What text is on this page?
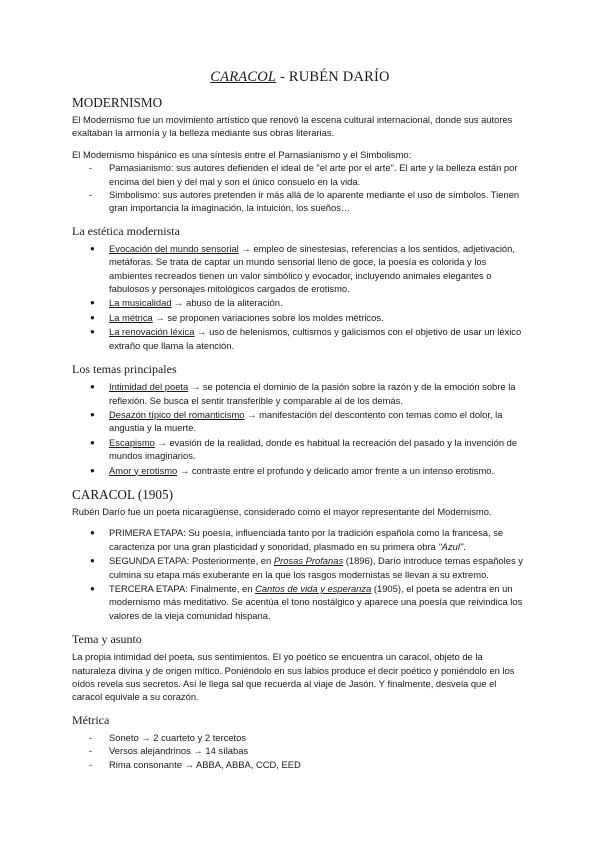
CARACOL - RUBÉN DARÍO
MODERNISMO

El Modernismo fue un movimiento artístico que renovó la escena cultural internacional, donde sus autores exaltaban la armonía y la belleza mediante sus obras literarias.

El Modernismo hispánico es una síntesis entre el Parnasianismo y el Simbolismo:

- Parnasianismo: sus autores defienden el ideal de "el arte por el arte". El arte y la belleza están por encima del bien y del mal y son el único consuelo en la vida.
- Simbolismo: sus autores pretenden ir más allá de lo aparente mediante el uso de símbolos. Tienen gran importancia la imaginación, la intuición, los sueños…
La estética modernista
● Evocación del mundo sensorial → empleo de sinestesias, referencias a los sentidos, adjetivación, metáforas. Se trata de captar un mundo sensorial lleno de goce, la poesía es colorida y los ambientes recreados tienen un valor simbólico y evocador, incluyendo animales elegantes o fabulosos y personajes mitológicos cargados de erotismo.
● La musicalidad → abuso de la aliteración.
● La métrica → se proponen variaciones sobre los moldes métricos.
● La renovación léxica → uso de helenismos, cultismos y galicismos con el objetivo de usar un léxico extraño que llama la atención.
Los temas principales
● Intimidad del poeta → se potencia el dominio de la pasión sobre la razón y de la emoción sobre la reflexión. Se busca el sentir transferible y comparable al de los demás.
● Desazón típico del romanticismo → manifestación del descontento con temas como el dolor, la angustia y la muerte.
● Escapismo → evasión de la realidad, donde es habitual la recreación del pasado y la invención de mundos imaginarios.
● Amor y erotismo → contraste entre el profundo y delicado amor frente a un intenso erotismo.
CARACOL (1905)

Rubén Darío fue un poeta nicaragüense, considerado como el mayor representante del Modernismo.

● PRIMERA ETAPA: Su poesía, influenciada tanto por la tradición española como la francesa, se caracteriza por una gran plasticidad y sonoridad, plasmado en su primera obra "Azul".
● SEGUNDA ETAPA: Posteriormente, en Prosas Profanas (1896), Darío introduce temas españoles y culmina su etapa más exuberante en la que los rasgos modernistas se llevan a su extremo.
● TERCERA ETAPA: Finalmente, en Cantos de vida y esperanza (1905), el poeta se adentra en un modernismo más meditativo. Se acentúa el tono nostálgico y aparece una poesía que reivindica los valores de la vieja comunidad hispana.
Tema y asunto

La propia intimidad del poeta, sus sentimientos. El yo poético se encuentra un caracol, objeto de la naturaleza divina y de origen mítico. Poniéndolo en sus labios produce el decir poético y poniéndolo en los oídos revela sus secretos. Así le llega sal que recuerda al viaje de Jasón. Y finalmente, desvela que el caracol equivale a su corazón.

Métrica
- Soneto → 2 cuarteto y 2 tercetos
- Versos alejandrinos → 14 sílabas
- Rima consonante → ABBA, ABBA, CCD, EED
